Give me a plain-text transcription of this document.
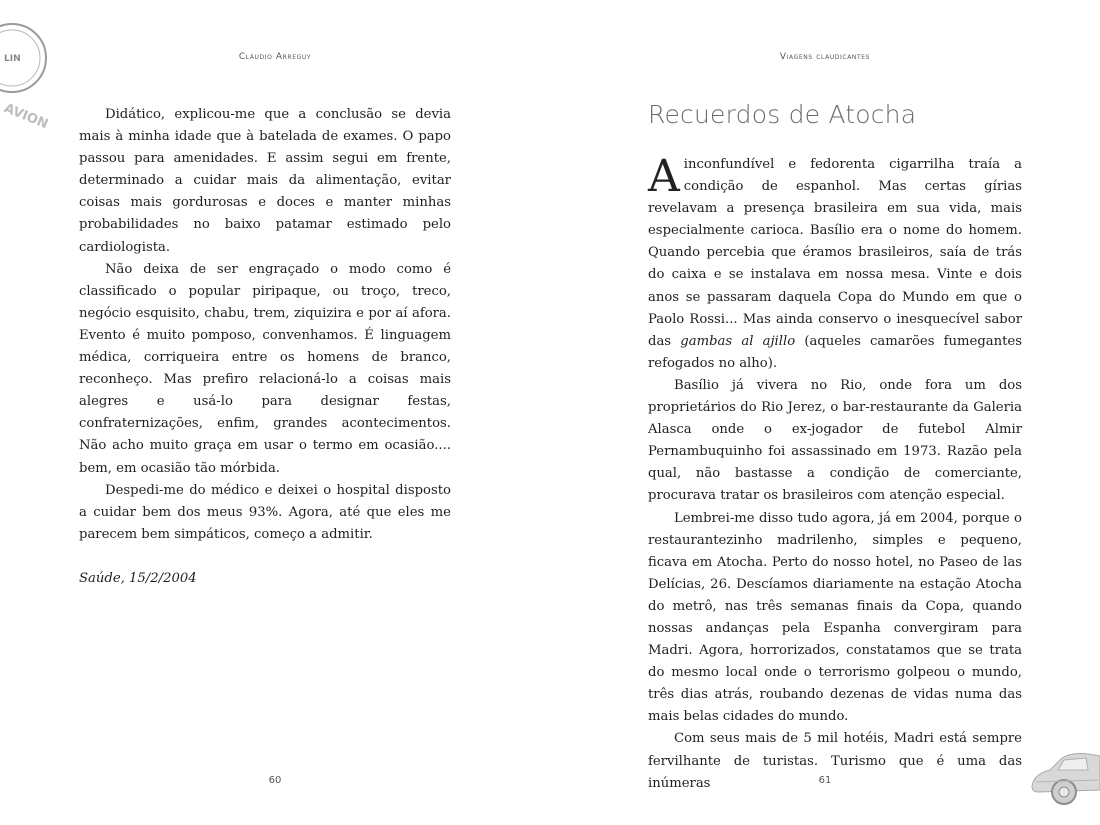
LIN
AVION
Cláudio Arreguy

Didático, explicou-me que a conclusão se devia mais à minha idade que à batelada de exames. O papo passou para amenidades. E assim segui em frente, determinado a cuidar mais da alimentação, evitar coisas mais gordurosas e doces e manter minhas probabilidades no baixo patamar estimado pelo cardiologista.

Não deixa de ser engraçado o modo como é classificado o popular piripaque, ou troço, treco, negócio esquisito, chabu, trem, ziquizira e por aí afora. Evento é muito pomposo, convenhamos. É linguagem médica, corriqueira entre os homens de branco, reconheço. Mas prefiro relacioná-lo a coisas mais alegres e usá-lo para designar festas, confraternizações, enfim, grandes acontecimentos. Não acho muito graça em usar o termo em ocasião.... bem, em ocasião tão mórbida.

Despedi-me do médico e deixei o hospital disposto a cuidar bem dos meus 93%. Agora, até que eles me parecem bem simpáticos, começo a admitir.

Saúde, 15/2/2004

60
Viagens claudicantes
Recuerdos de Atocha

A inconfundível e fedorenta cigarrilha traía a condição de espanhol. Mas certas gírias revelavam a presença brasileira em sua vida, mais especialmente carioca. Basílio era o nome do homem. Quando percebia que éramos brasileiros, saía de trás do caixa e se instalava em nossa mesa. Vinte e dois anos se passaram daquela Copa do Mundo em que o Paolo Rossi... Mas ainda conservo o inesquecível sabor das gambas al ajillo (aqueles camarões fumegantes refogados no alho).

Basílio já vivera no Rio, onde fora um dos proprietários do Rio Jerez, o bar-restaurante da Galeria Alasca onde o ex-jogador de futebol Almir Pernambuquinho foi assassinado em 1973. Razão pela qual, não bastasse a condição de comerciante, procurava tratar os brasileiros com atenção especial.

Lembrei-me disso tudo agora, já em 2004, porque o restaurantezinho madrilenho, simples e pequeno, ficava em Atocha. Perto do nosso hotel, no Paseo de las Delícias, 26. Descíamos diariamente na estação Atocha do metrô, nas três semanas finais da Copa, quando nossas andanças pela Espanha convergiram para Madri. Agora, horrorizados, constatamos que se trata do mesmo local onde o terrorismo golpeou o mundo, três dias atrás, roubando dezenas de vidas numa das mais belas cidades do mundo.

Com seus mais de 5 mil hotéis, Madri está sempre fervilhante de turistas. Turismo que é uma das inúmeras	61
